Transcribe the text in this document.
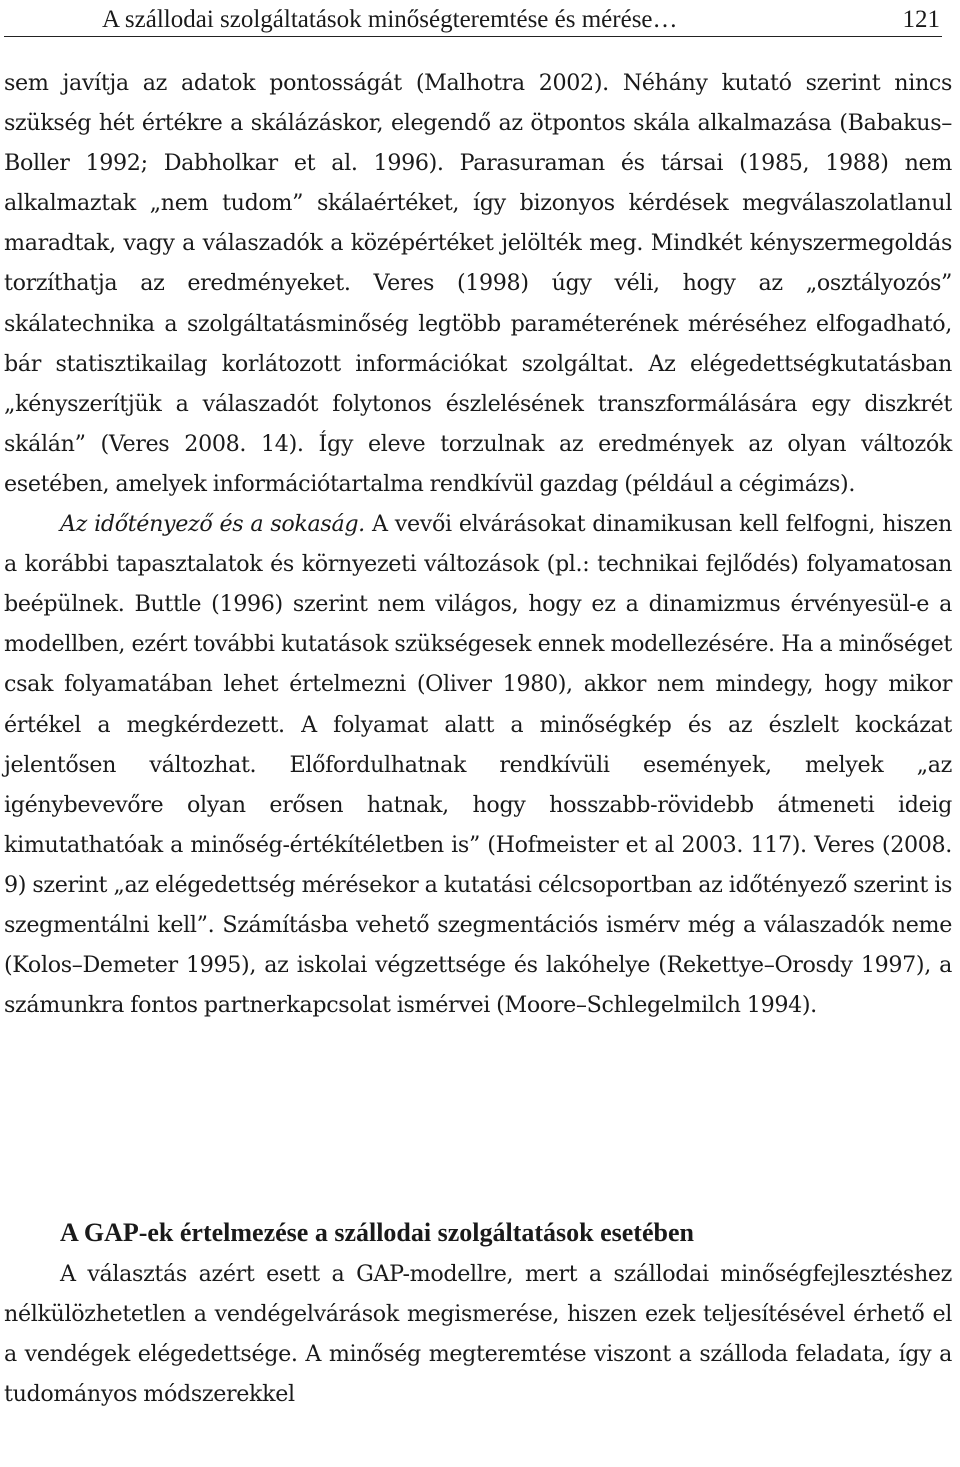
A szállodai szolgáltatások minőségteremtése és mérése…	121

sem javítja az adatok pontosságát (Malhotra 2002). Néhány kutató szerint nincs szükség hét értékre a skálázáskor, elegendő az ötpontos skála alkalmazása (Babakus–Boller 1992; Dabholkar et al. 1996). Parasuraman és társai (1985, 1988) nem alkalmaztak „nem tudom” skálaértéket, így bizonyos kérdések megválaszolatlanul maradtak, vagy a válaszadók a középértéket jelölték meg. Mindkét kényszermegoldás torzíthatja az eredményeket. Veres (1998) úgy véli, hogy az „osztályozós” skálatechnika a szolgáltatásminőség legtöbb paraméterének méréséhez elfogadható, bár statisztikailag korlátozott információkat szolgáltat. Az elégedettségkutatásban „kényszerítjük a válaszadót folytonos észlelésének transzformálására egy diszkrét skálán” (Veres 2008. 14). Így eleve torzulnak az eredmények az olyan változók esetében, amelyek információtartalma rendkívül gazdag (például a cégimázs).

Az időtényező és a sokaság. A vevői elvárásokat dinamikusan kell felfogni, hiszen a korábbi tapasztalatok és környezeti változások (pl.: technikai fejlődés) folyamatosan beépülnek. Buttle (1996) szerint nem világos, hogy ez a dinamizmus érvényesül-e a modellben, ezért további kutatások szükségesek ennek modellezésére. Ha a minőséget csak folyamatában lehet értelmezni (Oliver 1980), akkor nem mindegy, hogy mikor értékel a megkérdezett. A folyamat alatt a minőségkép és az észlelt kockázat jelentősen változhat. Előfordulhatnak rendkívüli események, melyek „az igénybevevőre olyan erősen hatnak, hogy hosszabb-rövidebb átmeneti ideig kimutathatóak a minőség-értékítéletben is” (Hofmeister et al 2003. 117). Veres (2008. 9) szerint „az elégedettség mérésekor a kutatási célcsoportban az időtényező szerint is szegmentálni kell”. Számításba vehető szegmentációs ismérv még a válaszadók neme (Kolos–Demeter 1995), az iskolai végzettsége és lakóhelye (Rekettye–Orosdy 1997), a számunkra fontos partnerkapcsolat ismérvei (Moore–Schlegelmilch 1994).

A GAP-ek értelmezése a szállodai szolgáltatások esetében

A választás azért esett a GAP-modellre, mert a szállodai minőségfejlesztéshez nélkülözhetetlen a vendégelvárások megismerése, hiszen ezek teljesítésével érhető el a vendégek elégedettsége. A minőség megteremtése viszont a szálloda feladata, így a tudományos módszerekkel
